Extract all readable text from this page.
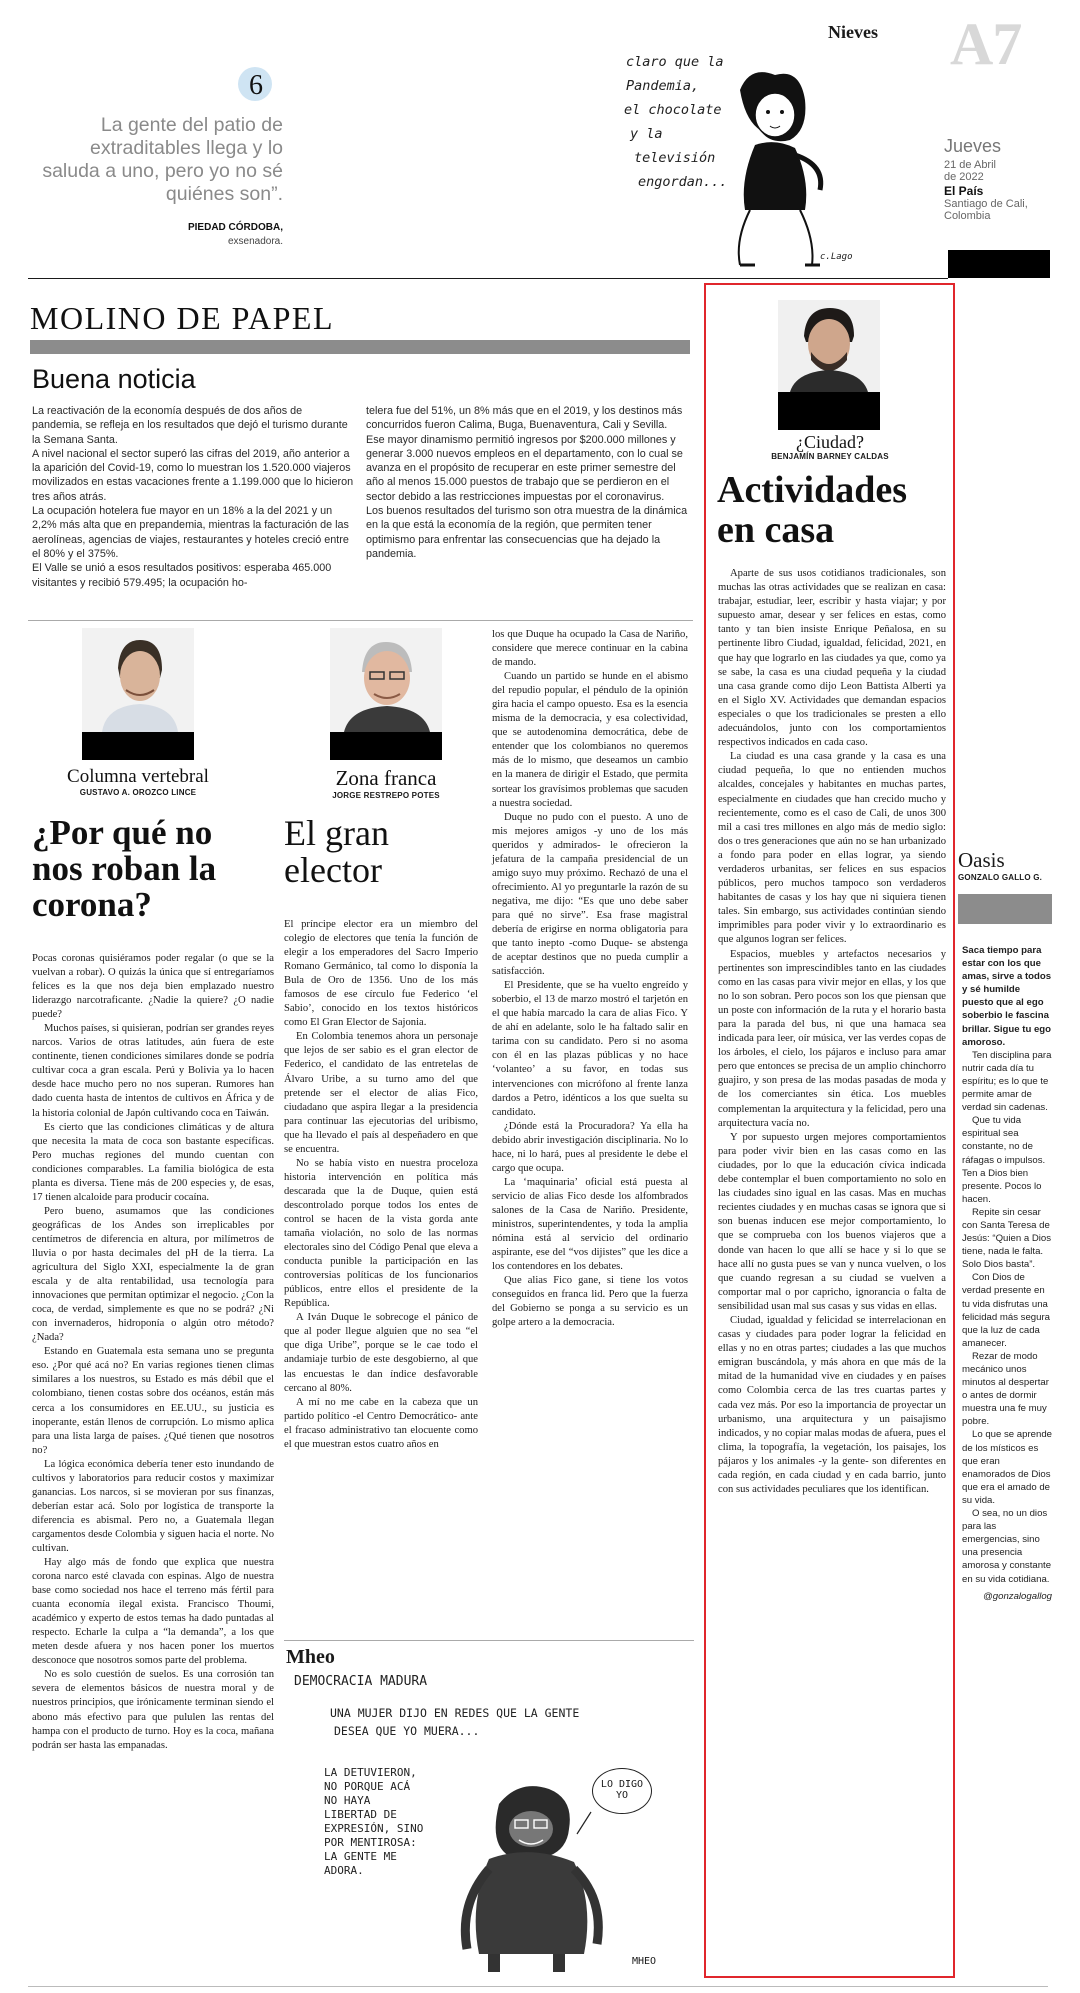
6
La gente del patio de extraditables llega y lo saluda a uno, pero yo no sé quiénes son”.
PIEDAD CÓRDOBA,
exsenadora.
Nieves
claro que la
Pandemia,
el chocolate
y la
televisión
engordan...
c.Lago
A7
Jueves
21 de Abril
de 2022
El País
Santiago de Cali,
Colombia
MOLINO DE PAPEL
Buena noticia
La reactivación de la economía después de dos años de pandemia, se refleja en los resultados que dejó el turismo durante la Semana Santa.
A nivel nacional el sector superó las cifras del 2019, año anterior a la aparición del Covid-19, como lo muestran los 1.520.000 viajeros movilizados en estas vacaciones frente a 1.199.000 que lo hicieron tres años atrás.
La ocupación hotelera fue mayor en un 18% a la del 2021 y un 2,2% más alta que en prepandemia, mientras la facturación de las aerolíneas, agencias de viajes, restaurantes y hoteles creció entre el 80% y el 375%.
El Valle se unió a esos resultados positivos: esperaba 465.000 visitantes y recibió 579.495; la ocupación ho-
telera fue del 51%, un 8% más que en el 2019, y los destinos más concurridos fueron Calima, Buga, Buenaventura, Cali y Sevilla.
Ese mayor dinamismo permitió ingresos por $200.000 millones y generar 3.000 nuevos empleos en el departamento, con lo cual se avanza en el propósito de recuperar en este primer semestre del año al menos 15.000 puestos de trabajo que se perdieron en el sector debido a las restricciones impuestas por el coronavirus.
Los buenos resultados del turismo son otra muestra de la dinámica en la que está la economía de la región, que permiten tener optimismo para enfrentar las consecuencias que ha dejado la pandemia.
Columna vertebral
GUSTAVO A. OROZCO LINCE
¿Por qué no nos roban la corona?

Pocas coronas quisiéramos poder regalar (o que se la vuelvan a robar). O quizás la única que sí entregaríamos felices es la que nos deja bien emplazado nuestro liderazgo narcotraficante. ¿Nadie la quiere? ¿O nadie puede?

Muchos países, si quisieran, podrían ser grandes reyes narcos. Varios de otras latitudes, aún fuera de este continente, tienen condiciones similares donde se podría cultivar coca a gran escala. Perú y Bolivia ya lo hacen desde hace mucho pero no nos superan. Rumores han dado cuenta hasta de intentos de cultivos en África y de la historia colonial de Japón cultivando coca en Taiwán.

Es cierto que las condiciones climáticas y de altura que necesita la mata de coca son bastante específicas. Pero muchas regiones del mundo cuentan con condiciones comparables. La familia biológica de esta planta es diversa. Tiene más de 200 especies y, de esas, 17 tienen alcaloide para producir cocaína.

Pero bueno, asumamos que las condiciones geográficas de los Andes son irreplicables por centímetros de diferencia en altura, por milímetros de lluvia o por hasta decimales del pH de la tierra. La agricultura del Siglo XXI, especialmente la de gran escala y de alta rentabilidad, usa tecnología para innovaciones que permitan optimizar el negocio. ¿Con la coca, de verdad, simplemente es que no se podrá? ¿Ni con invernaderos, hidroponía o algún otro método? ¿Nada?

Estando en Guatemala esta semana uno se pregunta eso. ¿Por qué acá no? En varias regiones tienen climas similares a los nuestros, su Estado es más débil que el colombiano, tienen costas sobre dos océanos, están más cerca a los consumidores en EE.UU., su justicia es inoperante, están llenos de corrupción. Lo mismo aplica para una lista larga de países. ¿Qué tienen que nosotros no?

La lógica económica debería tener esto inundando de cultivos y laboratorios para reducir costos y maximizar ganancias. Los narcos, si se movieran por sus finanzas, deberían estar acá. Solo por logística de transporte la diferencia es abismal. Pero no, a Guatemala llegan cargamentos desde Colombia y siguen hacia el norte. No cultivan.

Hay algo más de fondo que explica que nuestra corona narco esté clavada con espinas. Algo de nuestra base como sociedad nos hace el terreno más fértil para cuanta economía ilegal exista. Francisco Thoumi, académico y experto de estos temas ha dado puntadas al respecto. Echarle la culpa a “la demanda”, a los que meten desde afuera y nos hacen poner los muertos desconoce que nosotros somos parte del problema.

No es solo cuestión de suelos. Es una corrosión tan severa de elementos básicos de nuestra moral y de nuestros principios, que irónicamente terminan siendo el abono más efectivo para que pululen las rentas del hampa con el producto de turno. Hoy es la coca, mañana podrán ser hasta las empanadas.

Zona franca
JORGE RESTREPO POTES
El gran elector

El príncipe elector era un miembro del colegio de electores que tenía la función de elegir a los emperadores del Sacro Imperio Romano Germánico, tal como lo disponía la Bula de Oro de 1356. Uno de los más famosos de ese círculo fue Federico ‘el Sabio’, conocido en los textos históricos como El Gran Elector de Sajonia.

En Colombia tenemos ahora un personaje que lejos de ser sabio es el gran elector de Federico, el candidato de las entretelas de Álvaro Uribe, a su turno amo del que pretende ser el elector de alias Fico, ciudadano que aspira llegar a la presidencia para continuar las ejecutorias del uribismo, que ha llevado el país al despeñadero en que se encuentra.

No se había visto en nuestra proceloza historia intervención en política más descarada que la de Duque, quien está descontrolado porque todos los entes de control se hacen de la vista gorda ante tamaña violación, no solo de las normas electorales sino del Código Penal que eleva a conducta punible la participación en las controversias políticas de los funcionarios públicos, entre ellos el presidente de la República.

A Iván Duque le sobrecoge el pánico de que al poder llegue alguien que no sea “el que diga Uribe”, porque se le cae todo el andamiaje turbio de este desgobierno, al que las encuestas le dan índice desfavorable cercano al 80%.

A mí no me cabe en la cabeza que un partido político -el Centro Democrático- ante el fracaso administrativo tan elocuente como el que muestran estos cuatro años en

los que Duque ha ocupado la Casa de Nariño, considere que merece continuar en la cabina de mando.

Cuando un partido se hunde en el abismo del repudio popular, el péndulo de la opinión gira hacia el campo opuesto. Esa es la esencia misma de la democracia, y esa colectividad, que se autodenomina democrática, debe de entender que los colombianos no queremos más de lo mismo, que deseamos un cambio en la manera de dirigir el Estado, que permita sortear los gravísimos problemas que sacuden a nuestra sociedad.

Duque no pudo con el puesto. A uno de mis mejores amigos -y uno de los más queridos y admirados- le ofrecieron la jefatura de la campaña presidencial de un amigo suyo muy próximo. Rechazó de una el ofrecimiento. Al yo preguntarle la razón de su negativa, me dijo: “Es que uno debe saber para qué no sirve”. Esa frase magistral debería de erigirse en norma obligatoria para que tanto inepto -como Duque- se abstenga de aceptar destinos que no pueda cumplir a satisfacción.

El Presidente, que se ha vuelto engreído y soberbio, el 13 de marzo mostró el tarjetón en el que había marcado la cara de alias Fico. Y de ahí en adelante, solo le ha faltado salir en tarima con su candidato. Pero si no asoma con él en las plazas públicas y no hace ‘volanteo’ a su favor, en todas sus intervenciones con micrófono al frente lanza dardos a Petro, idénticos a los que suelta su candidato.

¿Dónde está la Procuradora? Ya ella ha debido abrir investigación disciplinaria. No lo hace, ni lo hará, pues al presidente le debe el cargo que ocupa.

La ‘maquinaria’ oficial está puesta al servicio de alias Fico desde los alfombrados salones de la Casa de Nariño. Presidente, ministros, superintendentes, y toda la amplia nómina está al servicio del ordinario aspirante, ese del “vos dijistes” que les dice a los contendores en los debates.

Que alias Fico gane, si tiene los votos conseguidos en franca lid. Pero que la fuerza del Gobierno se ponga a su servicio es un golpe artero a la democracia.

Mheo
DEMOCRACIA MADURA
UNA MUJER DIJO EN REDES QUE LA GENTE
DESEA QUE YO MUERA...
LA DETUVIERON,
NO PORQUE ACÁ
NO HAYA
LIBERTAD DE
EXPRESIÓN, SINO
POR MENTIROSA:
LA GENTE ME
ADORA.
LO DIGO
YO
MHEO
¿Ciudad?
BENJAMÍN BARNEY CALDAS
Actividades en casa

Aparte de sus usos cotidianos tradicionales, son muchas las otras actividades que se realizan en casa: trabajar, estudiar, leer, escribir y hasta viajar; y por supuesto amar, desear y ser felices en estas, como tanto y tan bien insiste Enrique Peñalosa, en su pertinente libro Ciudad, igualdad, felicidad, 2021, en que hay que lograrlo en las ciudades ya que, como ya se sabe, la casa es una ciudad pequeña y la ciudad una casa grande como dijo Leon Battista Alberti ya en el Siglo XV. Actividades que demandan espacios especiales o que los tradicionales se presten a ello adecuándolos, junto con los comportamientos respectivos indicados en cada caso.

La ciudad es una casa grande y la casa es una ciudad pequeña, lo que no entienden muchos alcaldes, concejales y habitantes en muchas partes, especialmente en ciudades que han crecido mucho y recientemente, como es el caso de Cali, de unos 300 mil a casi tres millones en algo más de medio siglo: dos o tres generaciones que aún no se han urbanizado a fondo para poder en ellas lograr, ya siendo verdaderos urbanitas, ser felices en sus espacios públicos, pero muchos tampoco son verdaderos habitantes de casas y los hay que ni siquiera tienen tales. Sin embargo, sus actividades continúan siendo imprimibles para poder vivir y lo extraordinario es que algunos logran ser felices.

Espacios, muebles y artefactos necesarios y pertinentes son imprescindibles tanto en las ciudades como en las casas para vivir mejor en ellas, y los que no lo son sobran. Pero pocos son los que piensan que un poste con información de la ruta y el horario basta para la parada del bus, ni que una hamaca sea indicada para leer, oír música, ver las verdes copas de los árboles, el cielo, los pájaros e incluso para amar pero que entonces se precisa de un amplio chinchorro guajiro, y son presa de las modas pasadas de moda y de los comerciantes sin ética. Los muebles complementan la arquitectura y la felicidad, pero una arquitectura vacía no.

Y por supuesto urgen mejores comportamientos para poder vivir bien en las casas como en las ciudades, por lo que la educación cívica indicada debe contemplar el buen comportamiento no solo en las ciudades sino igual en las casas. Mas en muchas recientes ciudades y en muchas casas se ignora que si son buenas inducen ese mejor comportamiento, lo que se comprueba con los buenos viajeros que a donde van hacen lo que allí se hace y si lo que se hace allí no gusta pues se van y nunca vuelven, o los que cuando regresan a su ciudad se vuelven a comportar mal o por capricho, ignorancia o falta de sensibilidad usan mal sus casas y sus vidas en ellas.

Ciudad, igualdad y felicidad se interrelacionan en casas y ciudades para poder lograr la felicidad en ellas y no en otras partes; ciudades a las que muchos emigran buscándola, y más ahora en que más de la mitad de la humanidad vive en ciudades y en países como Colombia cerca de las tres cuartas partes y cada vez más. Por eso la importancia de proyectar un urbanismo, una arquitectura y un paisajismo indicados, y no copiar malas modas de afuera, pues el clima, la topografía, la vegetación, los paisajes, los pájaros y los animales -y la gente- son diferentes en cada región, en cada ciudad y en cada barrio, junto con sus actividades peculiares que los identifican.

Oasis
GONZALO GALLO G.
Saca tiempo para estar con los que amas, sirve a todos y sé humilde puesto que al ego soberbio le fascina brillar. Sigue tu ego amoroso.
Ten disciplina para nutrir cada día tu espíritu; es lo que te permite amar de verdad sin cadenas.
Que tu vida espiritual sea constante, no de ráfagas o impulsos. Ten a Dios bien presente. Pocos lo hacen.
Repite sin cesar con Santa Teresa de Jesús: “Quien a Dios tiene, nada le falta. Solo Dios basta”.
Con Dios de verdad presente en tu vida disfrutas una felicidad más segura que la luz de cada amanecer.
Rezar de modo mecánico unos minutos al despertar o antes de dormir muestra una fe muy pobre.
Lo que se aprende de los místicos es que eran enamorados de Dios que era el amado de su vida.
O sea, no un dios para las emergencias, sino una presencia amorosa y constante en su vida cotidiana.
@gonzalogallog
